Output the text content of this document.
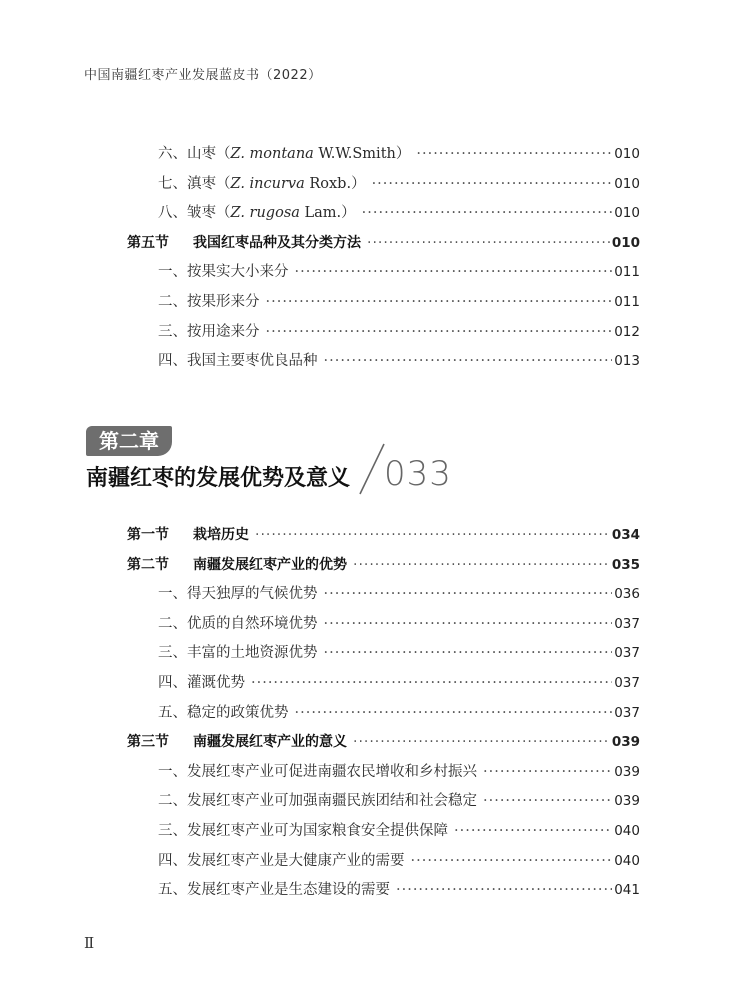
中国南疆红枣产业发展蓝皮书（2022）
六、山枣（Z. montana W.W.Smith） ·····	010
七、滇枣（Z. incurva Roxb.） ·····	010
八、皱枣（Z. rugosa Lam.） ·····	010
第五节 我国红枣品种及其分类方法 ·····	010
一、按果实大小来分 ·····	011
二、按果形来分 ·····	011
三、按用途来分 ·····	012
四、我国主要枣优良品种 ·····	013
第二章
南疆红枣的发展优势及意义 033
第一节 栽培历史 ·····	034
第二节 南疆发展红枣产业的优势 ·····	035
一、得天独厚的气候优势 ·····	036
二、优质的自然环境优势 ·····	037
三、丰富的土地资源优势 ·····	037
四、灌溉优势 ·····	037
五、稳定的政策优势 ·····	037
第三节 南疆发展红枣产业的意义 ·····	039
一、发展红枣产业可促进南疆农民增收和乡村振兴 ·····	039
二、发展红枣产业可加强南疆民族团结和社会稳定 ·····	039
三、发展红枣产业可为国家粮食安全提供保障 ·····	040
四、发展红枣产业是大健康产业的需要 ·····	040
五、发展红枣产业是生态建设的需要 ·····	041
Ⅱ
